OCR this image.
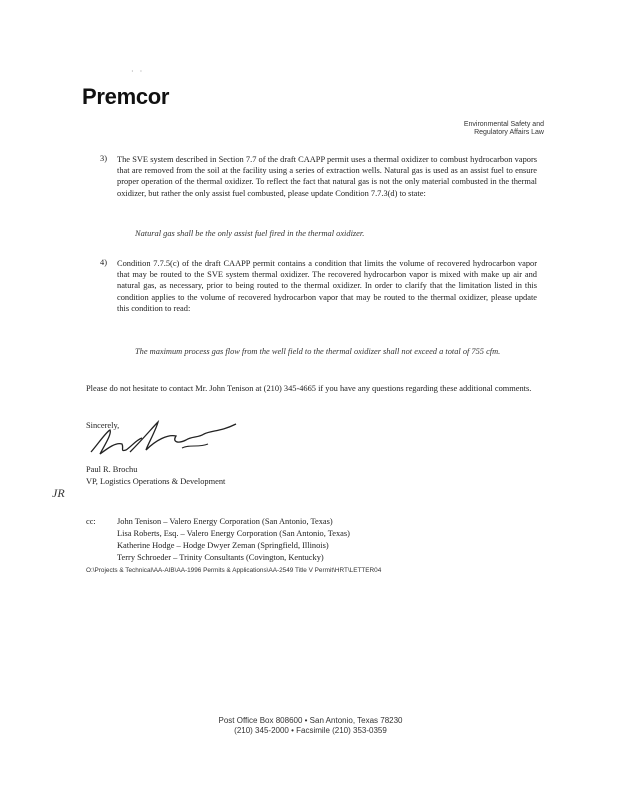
· ·
Premcor
Environmental Safety and
Regulatory Affairs Law
3) The SVE system described in Section 7.7 of the draft CAAPP permit uses a thermal oxidizer to combust hydrocarbon vapors that are removed from the soil at the facility using a series of extraction wells. Natural gas is used as an assist fuel to ensure proper operation of the thermal oxidizer. To reflect the fact that natural gas is not the only material combusted in the thermal oxidizer, but rather the only assist fuel combusted, please update Condition 7.7.3(d) to state:
Natural gas shall be the only assist fuel fired in the thermal oxidizer.
4) Condition 7.7.5(c) of the draft CAAPP permit contains a condition that limits the volume of recovered hydrocarbon vapor that may be routed to the SVE system thermal oxidizer. The recovered hydrocarbon vapor is mixed with make up air and natural gas, as necessary, prior to being routed to the thermal oxidizer. In order to clarify that the limitation listed in this condition applies to the volume of recovered hydrocarbon vapor that may be routed to the thermal oxidizer, please update this condition to read:
The maximum process gas flow from the well field to the thermal oxidizer shall not exceed a total of 755 cfm.
Please do not hesitate to contact Mr. John Tenison at (210) 345-4665 if you have any questions regarding these additional comments.
Sincerely,
Paul R. Brochu
VP, Logistics Operations & Development
JR
cc:	John Tenison – Valero Energy Corporation (San Antonio, Texas)
Lisa Roberts, Esq. – Valero Energy Corporation (San Antonio, Texas)
Katherine Hodge – Hodge Dwyer Zeman (Springfield, Illinois)
Terry Schroeder – Trinity Consultants (Covington, Kentucky)
O:\Projects & Technical\AA-AIB\AA-1996 Permits & Applications\AA-2549 Title V Permit\HRT\LETTER04
Post Office Box 808600 • San Antonio, Texas 78230
(210) 345-2000 • Facsimile (210) 353-0359
